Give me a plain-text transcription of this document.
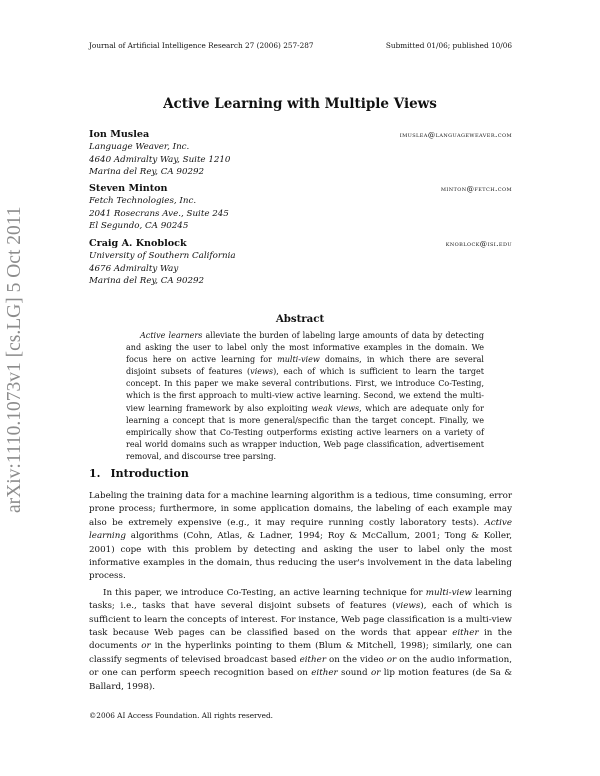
Journal of Artificial Intelligence Research 27 (2006) 257-287	Submitted 01/06; published 10/06
arXiv:1110.1073v1 [cs.LG] 5 Oct 2011
Active Learning with Multiple Views
Ion Muslea	imuslea@languageweaver.com
Language Weaver, Inc.
4640 Admiralty Way, Suite 1210
Marina del Rey, CA 90292
Steven Minton	minton@fetch.com
Fetch Technologies, Inc.
2041 Rosecrans Ave., Suite 245
El Segundo, CA 90245
Craig A. Knoblock	knoblock@isi.edu
University of Southern California
4676 Admiralty Way
Marina del Rey, CA 90292
Abstract

Active learners alleviate the burden of labeling large amounts of data by detecting and asking the user to label only the most informative examples in the domain. We focus here on active learning for multi-view domains, in which there are several disjoint subsets of features (views), each of which is sufficient to learn the target concept. In this paper we make several contributions. First, we introduce Co-Testing, which is the first approach to multi-view active learning. Second, we extend the multi-view learning framework by also exploiting weak views, which are adequate only for learning a concept that is more general/specific than the target concept. Finally, we empirically show that Co-Testing outperforms existing active learners on a variety of real world domains such as wrapper induction, Web page classification, advertisement removal, and discourse tree parsing.

1. Introduction

Labeling the training data for a machine learning algorithm is a tedious, time consuming, error prone process; furthermore, in some application domains, the labeling of each example may also be extremely expensive (e.g., it may require running costly laboratory tests). Active learning algorithms (Cohn, Atlas, & Ladner, 1994; Roy & McCallum, 2001; Tong & Koller, 2001) cope with this problem by detecting and asking the user to label only the most informative examples in the domain, thus reducing the user's involvement in the data labeling process.

In this paper, we introduce Co-Testing, an active learning technique for multi-view learning tasks; i.e., tasks that have several disjoint subsets of features (views), each of which is sufficient to learn the concepts of interest. For instance, Web page classification is a multi-view task because Web pages can be classified based on the words that appear either in the documents or in the hyperlinks pointing to them (Blum & Mitchell, 1998); similarly, one can classify segments of televised broadcast based either on the video or on the audio information, or one can perform speech recognition based on either sound or lip motion features (de Sa & Ballard, 1998).

©2006 AI Access Foundation. All rights reserved.
